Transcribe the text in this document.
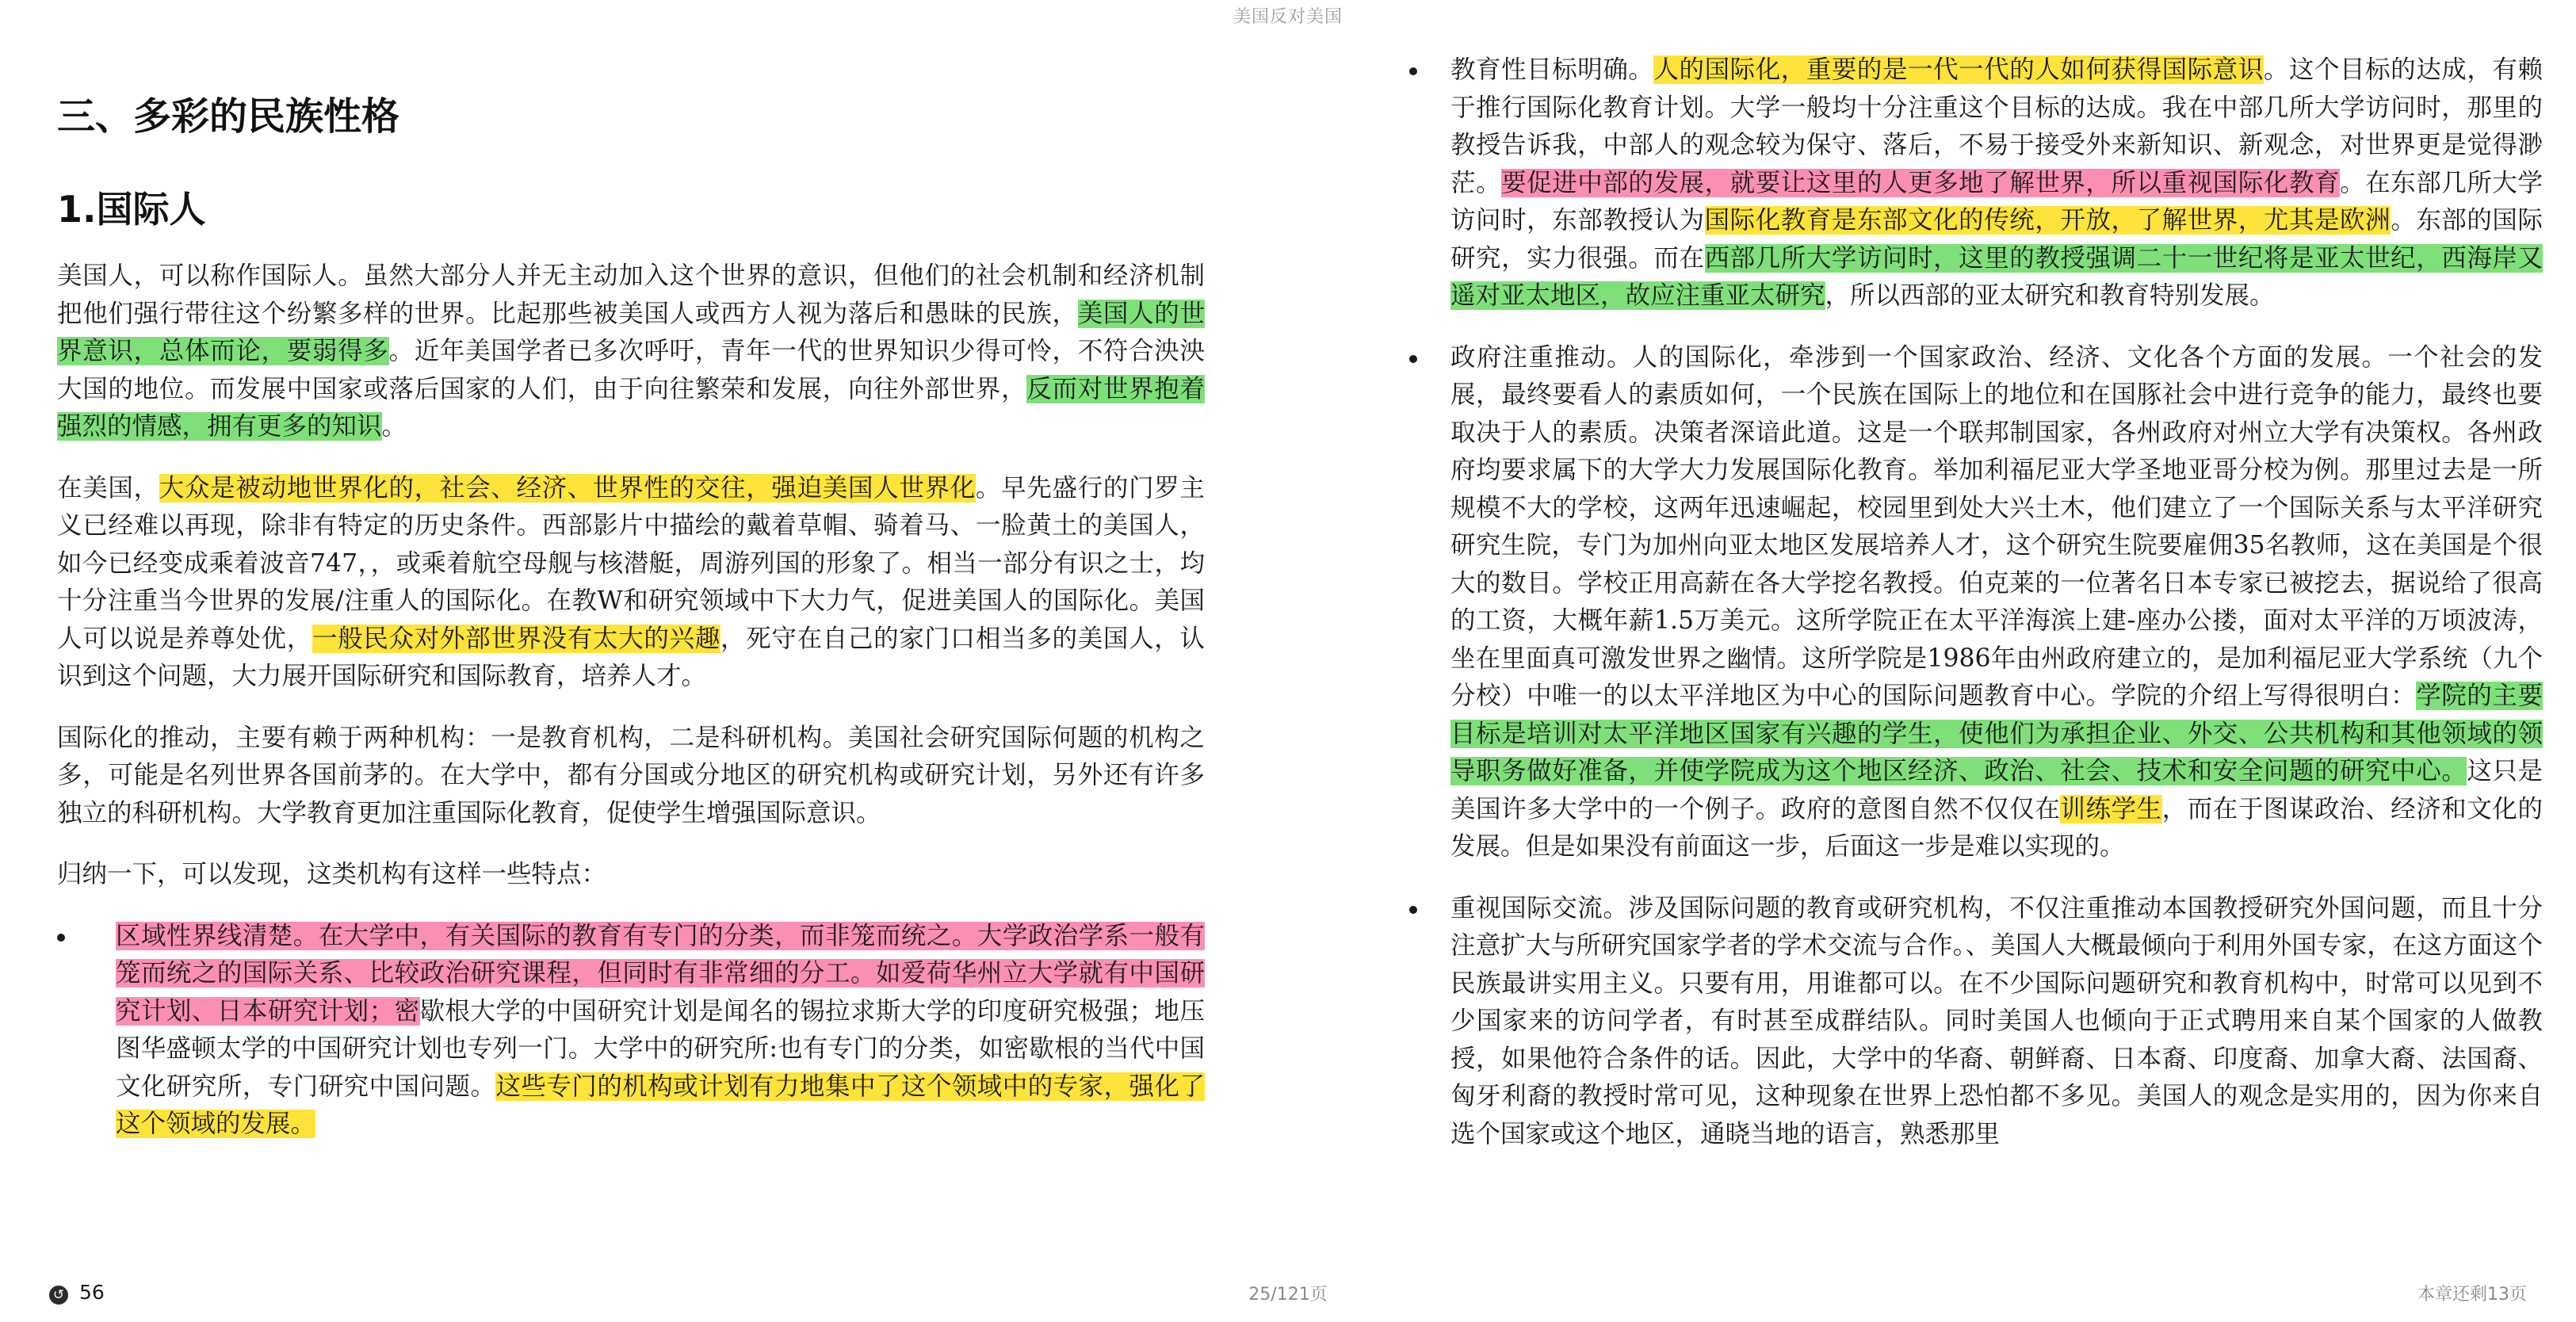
美国反对美国
三、多彩的民族性格
1.国际人

美国人，可以称作国际人。虽然大部分人并无主动加入这个世界的意识，但他们的社会机制和经济机制把他们强行带往这个纷繁多样的世界。比起那些被美国人或西方人视为落后和愚昧的民族，美国人的世界意识，总体而论，要弱得多。近年美国学者已多次呼吁，青年一代的世界知识少得可怜，不符合泱泱大国的地位。而发展中国家或落后国家的人们，由于向往繁荣和发展，向往外部世界，反而对世界抱着强烈的情感，拥有更多的知识。

在美国，大众是被动地世界化的，社会、经济、世界性的交往，强迫美国人世界化。早先盛行的门罗主义已经难以再现，除非有特定的历史条件。西部影片中描绘的戴着草帽、骑着马、一脸黄土的美国人，如今已经变成乘着波音747，，或乘着航空母舰与核潜艇，周游列国的形象了。相当一部分有识之士，均十分注重当今世界的发展/注重人的国际化。在教W和研究领域中下大力气，促进美国人的国际化。美国人可以说是养尊处优，一般民众对外部世界没有太大的兴趣，死守在自己的家门口相当多的美国人，认识到这个问题，大力展开国际研究和国际教育，培养人才。

国际化的推动，主要有赖于两种机构：一是教育机构，二是科研机构。美国社会研究国际何题的机构之多，可能是名列世界各国前茅的。在大学中，都有分国或分地区的研究机构或研究计划，另外还有许多独立的科研机构。大学教育更加注重国际化教育，促使学生增强国际意识。

归纳一下，可以发现，这类机构有这样一些特点：

区域性界线清楚。在大学中，有关国际的教育有专门的分类，而非笼而统之。大学政治学系一般有笼而统之的国际关系、比较政治研究课程，但同时有非常细的分工。如爱荷华州立大学就有中国研究计划、日本研究计划；密歇根大学的中国研究计划是闻名的锡拉求斯大学的印度研究极强；地压图华盛顿太学的中国研究计划也专列一门。大学中的研究所:也有专门的分类，如密歇根的当代中国文化研究所，专门研究中国问题。这些专门的机构或计划有力地集中了这个领域中的专家，强化了这个领域的发展。
教育性目标明确。人的国际化，重要的是一代一代的人如何获得国际意识。这个目标的达成，有赖于推行国际化教育计划。大学一般均十分注重这个目标的达成。我在中部几所大学访问时，那里的教授告诉我，中部人的观念较为保守、落后，不易于接受外来新知识、新观念，对世界更是觉得渺茫。要促进中部的发展，就要让这里的人更多地了解世界，所以重视国际化教育。在东部几所大学访问时，东部教授认为国际化教育是东部文化的传统，开放，了解世界，尤其是欧洲。东部的国际研究，实力很强。而在西部几所大学访问时，这里的教授强调二十一世纪将是亚太世纪，西海岸又遥对亚太地区，故应注重亚太研究，所以西部的亚太研究和教育特别发展。
政府注重推动。人的国际化，牵涉到一个国家政治、经济、文化各个方面的发展。一个社会的发展，最终要看人的素质如何，一个民族在国际上的地位和在国豚社会中进行竞争的能力，最终也要取决于人的素质。决策者深谙此道。这是一个联邦制国家，各州政府对州立大学有决策权。各州政府均要求属下的大学大力发展国际化教育。举加利福尼亚大学圣地亚哥分校为例。那里过去是一所规模不大的学校，这两年迅速崛起，校园里到处大兴土木，他们建立了一个国际关系与太平洋研究研究生院，专门为加州向亚太地区发展培养人才，这个研究生院要雇佣35名教师，这在美国是个很大的数目。学校正用高薪在各大学挖名教授。伯克莱的一位著名日本专家已被挖去，据说给了很高的工资，大概年薪1.5万美元。这所学院正在太平洋海滨上建-座办公搂，面对太平洋的万顷波涛，坐在里面真可激发世界之幽情。这所学院是1986年由州政府建立的，是加利福尼亚大学系统（九个分校）中唯一的以太平洋地区为中心的国际问题教育中心。学院的介绍上写得很明白：学院的主要目标是培训对太平洋地区国家有兴趣的学生，使他们为承担企业、外交、公共机构和其他领域的领导职务做好准备，并使学院成为这个地区经济、政治、社会、技术和安全问题的研究中心。这只是美国许多大学中的一个例子。政府的意图自然不仅仅在训练学生，而在于图谋政治、经济和文化的发展。但是如果没有前面这一步，后面这一步是难以实现的。
重视国际交流。涉及国际问题的教育或研究机构，不仅注重推动本国教授研究外国问题，而且十分注意扩大与所研究国家学者的学术交流与合作。、美国人大概最倾向于利用外国专家，在这方面这个民族最讲实用主义。只要有用，用谁都可以。在不少国际问题研究和教育机构中，时常可以见到不少国家来的访问学者，有时甚至成群结队。同时美国人也倾向于正式聘用来自某个国家的人做教授，如果他符合条件的话。因此，大学中的华裔、朝鲜裔、日本裔、印度裔、加拿大裔、法国裔、匈牙利裔的教授时常可见，这种现象在世界上恐怕都不多见。美国人的观念是实用的，因为你来自选个国家或这个地区，通晓当地的语言，熟悉那里
↺ 56	25/121页	本章还剩13页
